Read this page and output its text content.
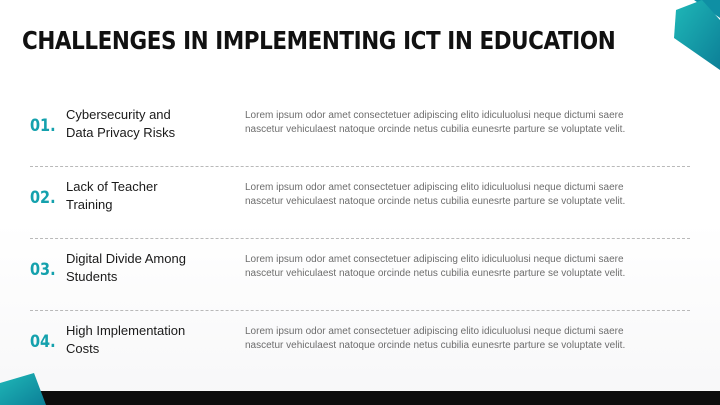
CHALLENGES IN IMPLEMENTING ICT IN EDUCATION
01.
Cybersecurity and
Data Privacy Risks
Lorem ipsum odor amet consectetuer adipiscing elito idiculuolusi neque dictumi saere
nascetur vehiculaest natoque orcinde netus cubilia eunesrte parture se voluptate velit.
02.
Lack of Teacher
Training
Lorem ipsum odor amet consectetuer adipiscing elito idiculuolusi neque dictumi saere
nascetur vehiculaest natoque orcinde netus cubilia eunesrte parture se voluptate velit.
03.
Digital Divide Among
Students
Lorem ipsum odor amet consectetuer adipiscing elito idiculuolusi neque dictumi saere
nascetur vehiculaest natoque orcinde netus cubilia eunesrte parture se voluptate velit.
04.
High Implementation
Costs
Lorem ipsum odor amet consectetuer adipiscing elito idiculuolusi neque dictumi saere
nascetur vehiculaest natoque orcinde netus cubilia eunesrte parture se voluptate velit.
